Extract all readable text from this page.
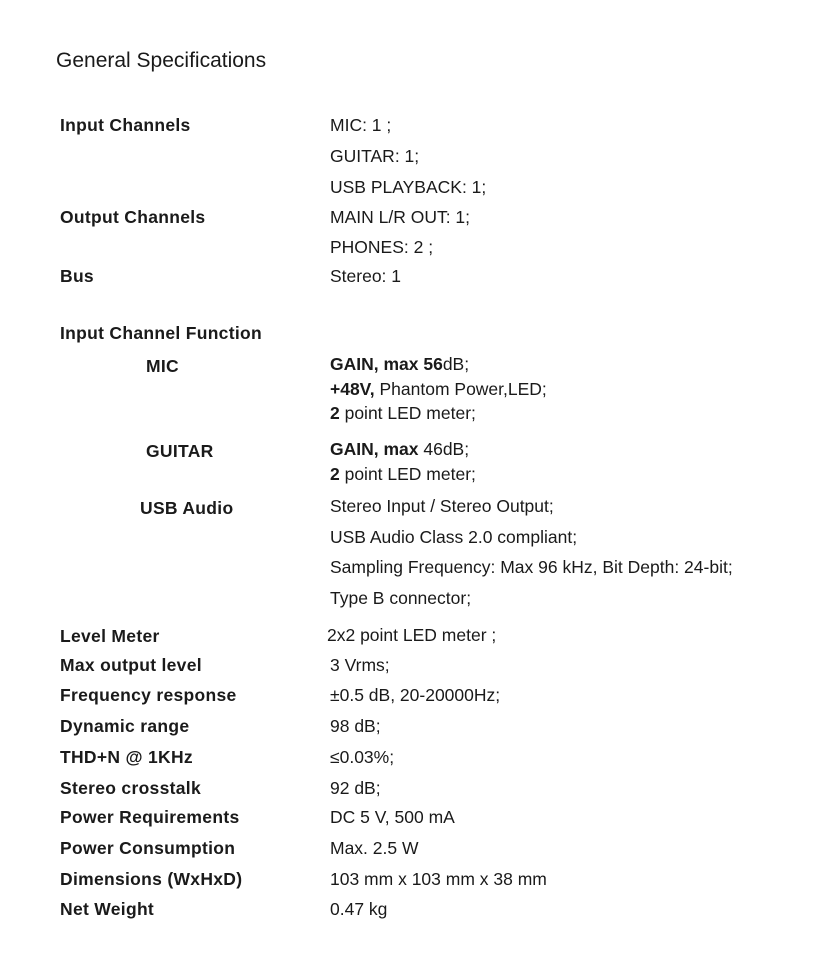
General Specifications
Input Channels	MIC: 1 ;
GUITAR: 1;
USB PLAYBACK: 1;
Output Channels	MAIN L/R OUT: 1;
PHONES: 2 ;
Bus	Stereo: 1
Input Channel Function
MIC	GAIN, max 56dB;
+48V, Phantom Power,LED;
2 point LED meter;
GUITAR	GAIN, max 46dB;
2 point LED meter;
USB Audio	Stereo Input / Stereo Output;
USB Audio Class 2.0 compliant;
Sampling Frequency: Max 96 kHz, Bit Depth: 24-bit;
Type B connector;
Level Meter	2x2 point LED meter ;
Max output level	3 Vrms;
Frequency response	±0.5 dB, 20-20000Hz;
Dynamic range	98 dB;
THD+N @ 1KHz	≤0.03%;
Stereo crosstalk	92 dB;
Power Requirements	DC 5 V, 500 mA
Power Consumption	Max. 2.5 W
Dimensions (WxHxD)	103 mm x 103 mm x 38 mm
Net Weight	0.47 kg
